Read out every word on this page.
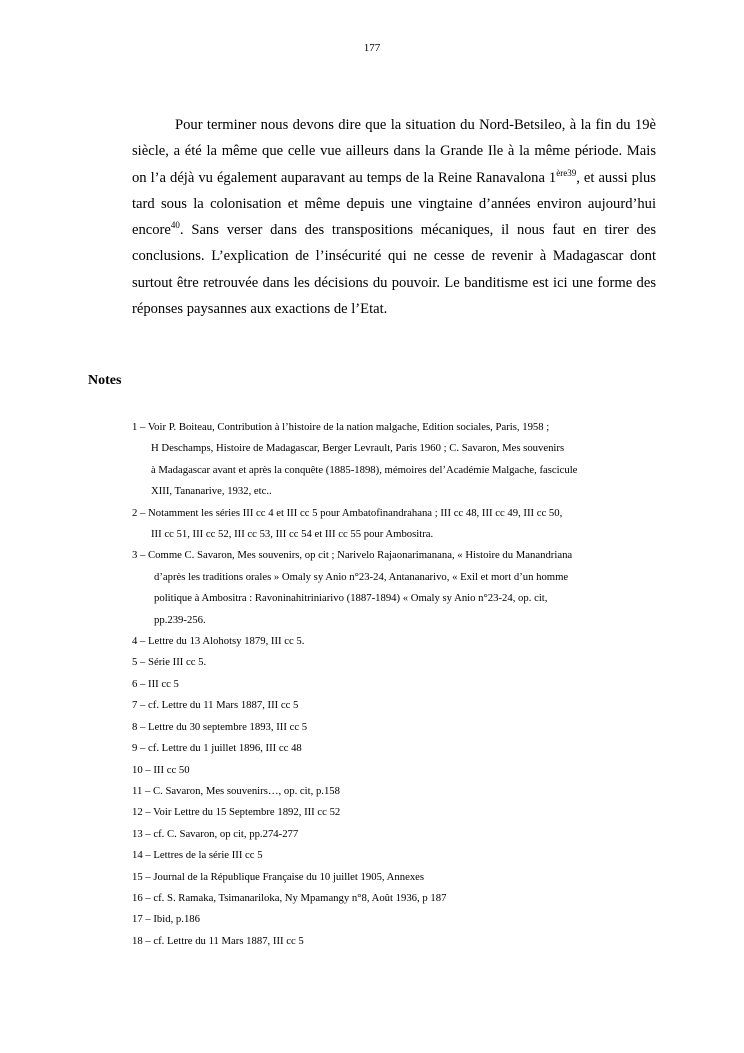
177

Pour terminer nous devons dire que la situation du Nord-Betsileo, à la fin du 19è siècle, a été la même que celle vue ailleurs dans la Grande Ile à la même période. Mais on l’a déjà vu également auparavant au temps de la Reine Ranavalona $1^{ère39}$, et aussi plus tard sous la colonisation et même depuis une vingtaine d’années environ aujourd’hui encore$^{40}$. Sans verser dans des transpositions mécaniques, il nous faut en tirer des conclusions. L’explication de l’insécurité qui ne cesse de revenir à Madagascar dont surtout être retrouvée dans les décisions du pouvoir. Le banditisme est ici une forme des réponses paysannes aux exactions de l’Etat.

Notes
1 – Voir P. Boiteau, Contribution à l’histoire de la nation malgache, Edition sociales, Paris, 1958 ;
H Deschamps, Histoire de Madagascar, Berger Levrault, Paris 1960 ; C. Savaron, Mes souvenirs
à Madagascar avant et après la conquête (1885-1898), mémoires del’Académie Malgache, fascicule
XIII, Tananarive, 1932, etc..
2 – Notamment les séries III cc 4 et III cc 5 pour Ambatofinandrahana ; III cc 48, III cc 49, III cc 50,
III cc 51, III cc 52, III cc 53, III cc 54 et III cc 55 pour Ambositra.
3 – Comme C. Savaron, Mes souvenirs, op cit ; Narivelo Rajaonarimanana, « Histoire du Manandriana
d’après les traditions orales » Omaly sy Anio n°23-24, Antananarivo, « Exil et mort d’un homme
politique à Ambositra : Ravoninahitriniarivo (1887-1894) « Omaly sy Anio n°23-24, op. cit,
pp.239-256.
4 – Lettre du 13 Alohotsy 1879, III cc 5.
5 – Série III cc 5.
6 – III cc 5
7 – cf. Lettre du 11 Mars 1887, III cc 5
8 – Lettre du 30 septembre 1893, III cc 5
9 – cf. Lettre du 1 juillet 1896, III cc 48
10 – III cc 50
11 – C. Savaron, Mes souvenirs…, op. cit, p.158
12 – Voir Lettre du 15 Septembre 1892, III cc 52
13 – cf. C. Savaron, op cit, pp.274-277
14 – Lettres de la série III cc 5
15 – Journal de la République Française du 10 juillet 1905, Annexes
16 – cf. S. Ramaka, Tsimanariloka, Ny Mpamangy n°8, Août 1936, p 187
17 – Ibid, p.186
18 – cf. Lettre du 11 Mars 1887, III cc 5
